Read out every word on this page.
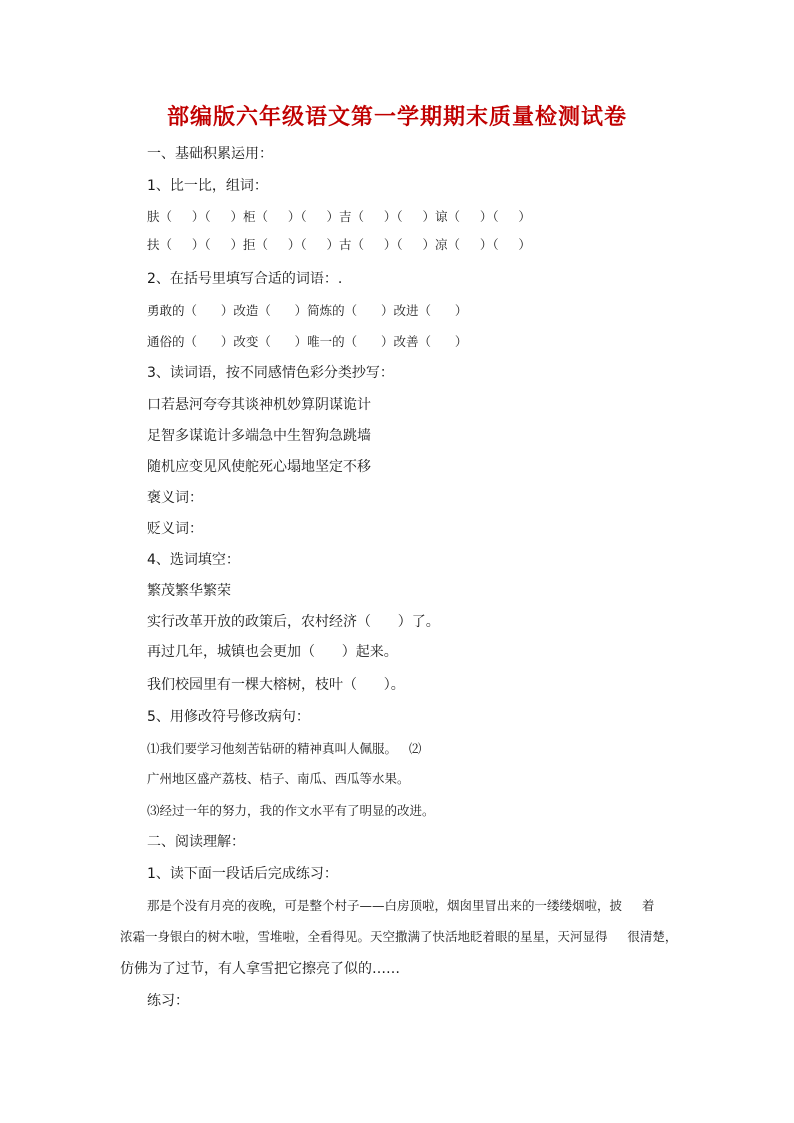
部编版六年级语文第一学期期末质量检测试卷
一、基础积累运用：
1、比一比，组词：
肤（     ）（     ）柜（     ）（     ）吉（     ）（     ）谅（     ）（     ）
扶（     ）（     ）拒（     ）（     ）古（     ）（     ）凉（     ）（     ）
2、在括号里填写合适的词语：.
勇敢的（      ）改造（      ）简炼的（      ）改进（      ）
通俗的（      ）改变（      ）唯一的（      ）改善（      ）
3、读词语，按不同感情色彩分类抄写：
口若悬河夸夸其谈神机妙算阴谋诡计
足智多谋诡计多端急中生智狗急跳墙
随机应变见风使舵死心塌地坚定不移
褒义词：
贬义词：
4、选词填空：
繁茂繁华繁荣
实行改革开放的政策后，农村经济（      ）了。
再过几年，城镇也会更加（      ）起来。
我们校园里有一棵大榕树，枝叶（      ）。
5、用修改符号修改病句：
⑴我们要学习他刻苦钻研的精神真叫人佩服。   ⑵
广州地区盛产荔枝、桔子、南瓜、西瓜等水果。
⑶经过一年的努力，我的作文水平有了明显的改进。
二、阅读理解：
1、读下面一段话后完成练习：
那是个没有月亮的夜晚，可是整个村子——白房顶啦，烟囱里冒出来的一缕缕烟啦，披     着
浓霜一身银白的树木啦，雪堆啦，全看得见。天空撒满了快活地眨着眼的星星，天河显得     很清楚，
仿佛为了过节，有人拿雪把它擦亮了似的……
练习：
